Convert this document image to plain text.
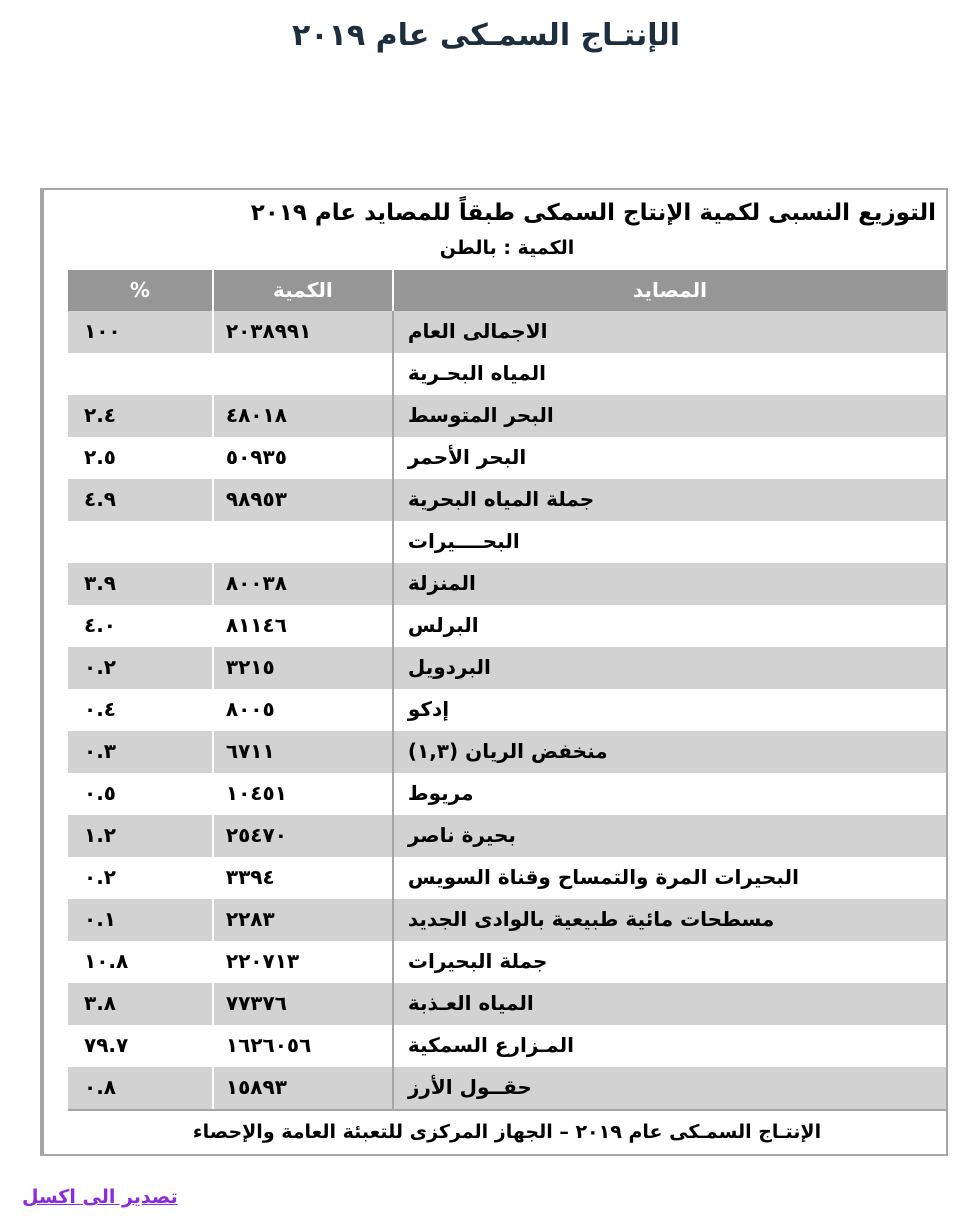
الإنتـاج السمـكى عام ٢٠١٩
التوزيع النسبى لكمية الإنتاج السمكى طبقاً للمصايد عام ٢٠١٩
الكمية : بالطن
المصايد	الكمية	%
الاجمالى العام	٢٠٣٨٩٩١	١٠٠
المياه البحـرية		
البحر المتوسط	٤٨٠١٨	٢.٤
البحر الأحمر	٥٠٩٣٥	٢.٥
جملة المياه البحرية	٩٨٩٥٣	٤.٩
البحــــيرات		
المنزلة	٨٠٠٣٨	٣.٩
البرلس	٨١١٤٦	٤.٠
البردويل	٣٢١٥	٠.٢
إدكو	٨٠٠٥	٠.٤
منخفض الريان (١,٣)	٦٧١١	٠.٣
مريوط	١٠٤٥١	٠.٥
بحيرة ناصر	٢٥٤٧٠	١.٢
البحيرات المرة والتمساح وقناة السويس	٣٣٩٤	٠.٢
مسطحات مائية طبيعية بالوادى الجديد	٢٢٨٣	٠.١
جملة البحيرات	٢٢٠٧١٣	١٠.٨
المياه العـذبة	٧٧٣٧٦	٣.٨
المـزارع السمكية	١٦٢٦٠٥٦	٧٩.٧
حقــول الأرز	١٥٨٩٣	٠.٨
الإنتـاج السمـكى عام ٢٠١٩ – الجهاز المركزى للتعبئة العامة والإحصاء
تصدير الى اكسل
